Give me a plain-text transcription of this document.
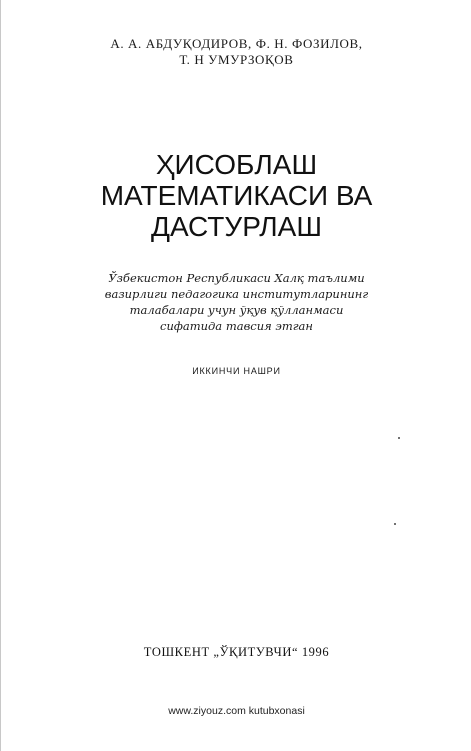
А. А. АБДУҚОДИРОВ, Ф. Н. ФОЗИЛОВ,
Т. Н УМУРЗОҚОВ
ҲИСОБЛАШ
МАТЕМАТИКАСИ ВА
ДАСТУРЛАШ
Ўзбекистон Республикаси Халқ таълими
вазирлиги педагогика институтларининг
талабалари учун ўқув қўлланмаси
сифатида тавсия этган
ИККИНЧИ НАШРИ
ТОШКЕНТ „ЎҚИТУВЧИ“ 1996
www.ziyouz.com kutubxonasi
